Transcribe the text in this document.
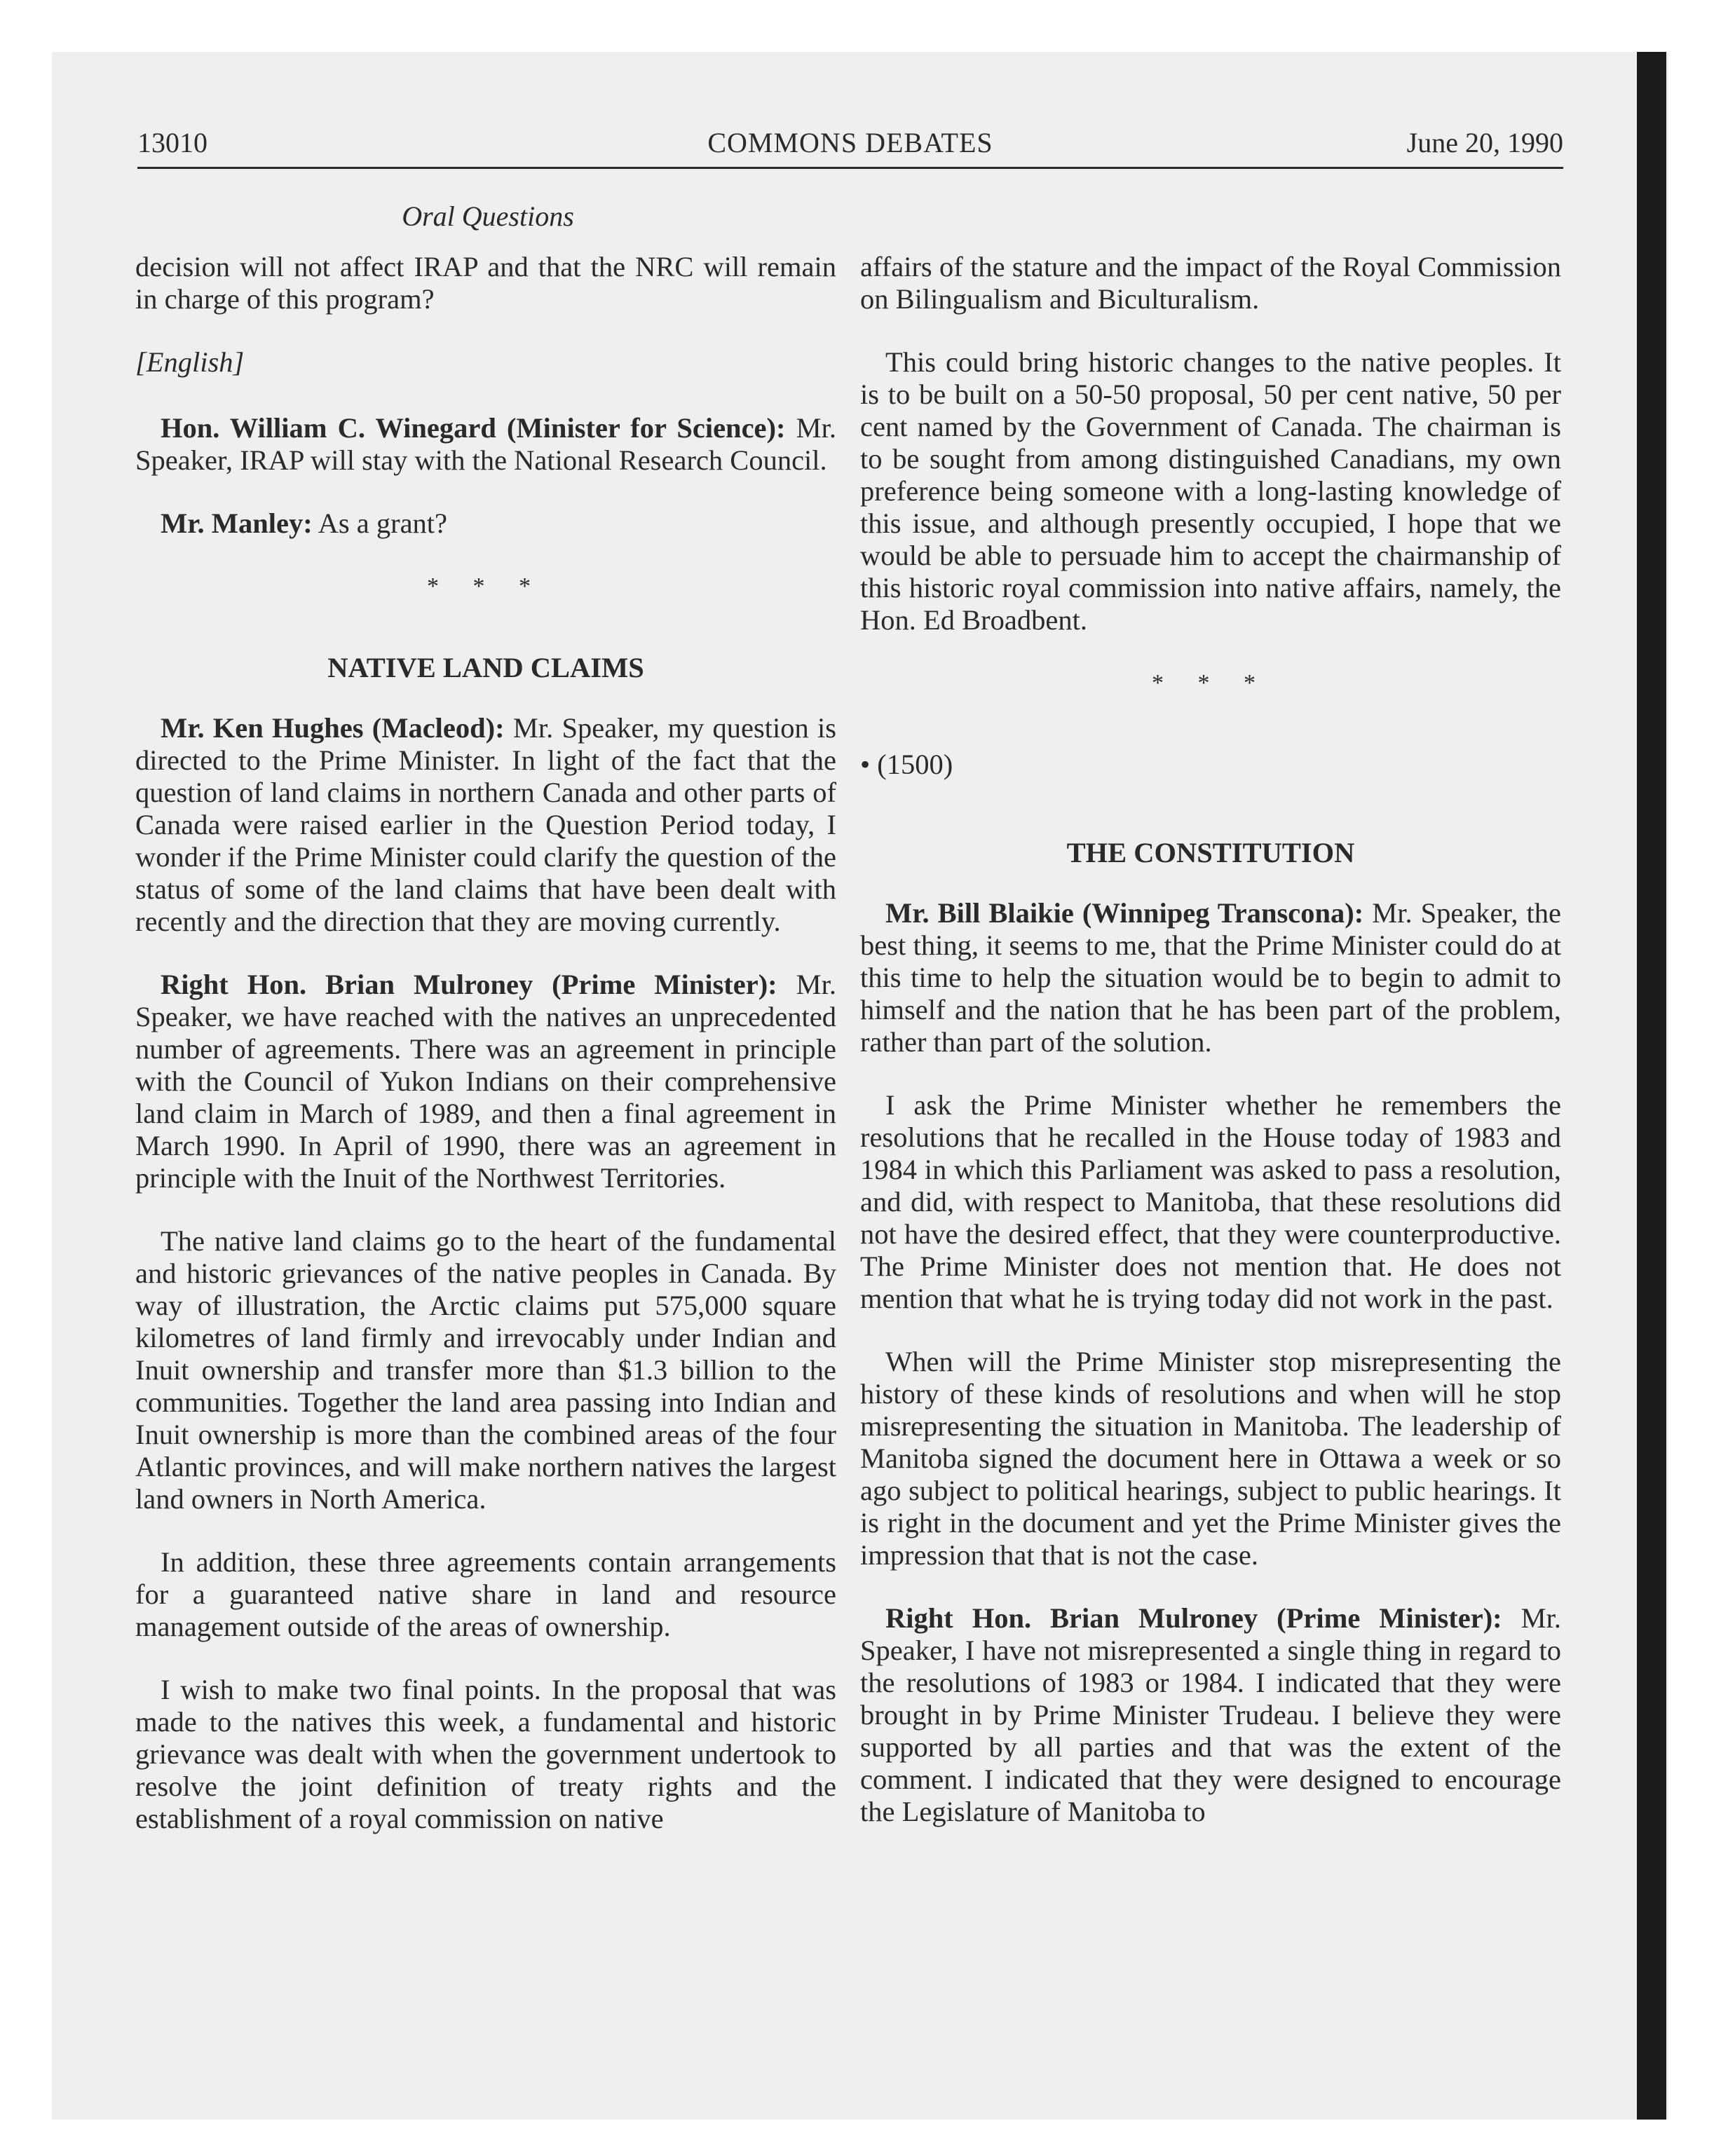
13010	COMMONS DEBATES	June 20, 1990
Oral Questions

decision will not affect IRAP and that the NRC will remain in charge of this program?

[English]

Hon. William C. Winegard (Minister for Science): Mr. Speaker, IRAP will stay with the National Research Council.

Mr. Manley: As a grant?

* * *
NATIVE LAND CLAIMS

Mr. Ken Hughes (Macleod): Mr. Speaker, my question is directed to the Prime Minister. In light of the fact that the question of land claims in northern Canada and other parts of Canada were raised earlier in the Question Period today, I wonder if the Prime Minister could clarify the question of the status of some of the land claims that have been dealt with recently and the direction that they are moving currently.

Right Hon. Brian Mulroney (Prime Minister): Mr. Speaker, we have reached with the natives an unprecedented number of agreements. There was an agreement in principle with the Council of Yukon Indians on their comprehensive land claim in March of 1989, and then a final agreement in March 1990. In April of 1990, there was an agreement in principle with the Inuit of the Northwest Territories.

The native land claims go to the heart of the fundamental and historic grievances of the native peoples in Canada. By way of illustration, the Arctic claims put 575,000 square kilometres of land firmly and irrevocably under Indian and Inuit ownership and transfer more than $1.3 billion to the communities. Together the land area passing into Indian and Inuit ownership is more than the combined areas of the four Atlantic provinces, and will make northern natives the largest land owners in North America.

In addition, these three agreements contain arrangements for a guaranteed native share in land and resource management outside of the areas of ownership.

I wish to make two final points. In the proposal that was made to the natives this week, a fundamental and historic grievance was dealt with when the government undertook to resolve the joint definition of treaty rights and the establishment of a royal commission on native

affairs of the stature and the impact of the Royal Commission on Bilingualism and Biculturalism.

This could bring historic changes to the native peoples. It is to be built on a 50-50 proposal, 50 per cent native, 50 per cent named by the Government of Canada. The chairman is to be sought from among distinguished Canadians, my own preference being someone with a long-lasting knowledge of this issue, and although presently occupied, I hope that we would be able to persuade him to accept the chairmanship of this historic royal commission into native affairs, namely, the Hon. Ed Broadbent.

* * *
• (1500)
THE CONSTITUTION

Mr. Bill Blaikie (Winnipeg Transcona): Mr. Speaker, the best thing, it seems to me, that the Prime Minister could do at this time to help the situation would be to begin to admit to himself and the nation that he has been part of the problem, rather than part of the solution.

I ask the Prime Minister whether he remembers the resolutions that he recalled in the House today of 1983 and 1984 in which this Parliament was asked to pass a resolution, and did, with respect to Manitoba, that these resolutions did not have the desired effect, that they were counterproductive. The Prime Minister does not mention that. He does not mention that what he is trying today did not work in the past.

When will the Prime Minister stop misrepresenting the history of these kinds of resolutions and when will he stop misrepresenting the situation in Manitoba. The leadership of Manitoba signed the document here in Ottawa a week or so ago subject to political hearings, subject to public hearings. It is right in the document and yet the Prime Minister gives the impression that that is not the case.

Right Hon. Brian Mulroney (Prime Minister): Mr. Speaker, I have not misrepresented a single thing in regard to the resolutions of 1983 or 1984. I indicated that they were brought in by Prime Minister Trudeau. I believe they were supported by all parties and that was the extent of the comment. I indicated that they were designed to encourage the Legislature of Manitoba to
